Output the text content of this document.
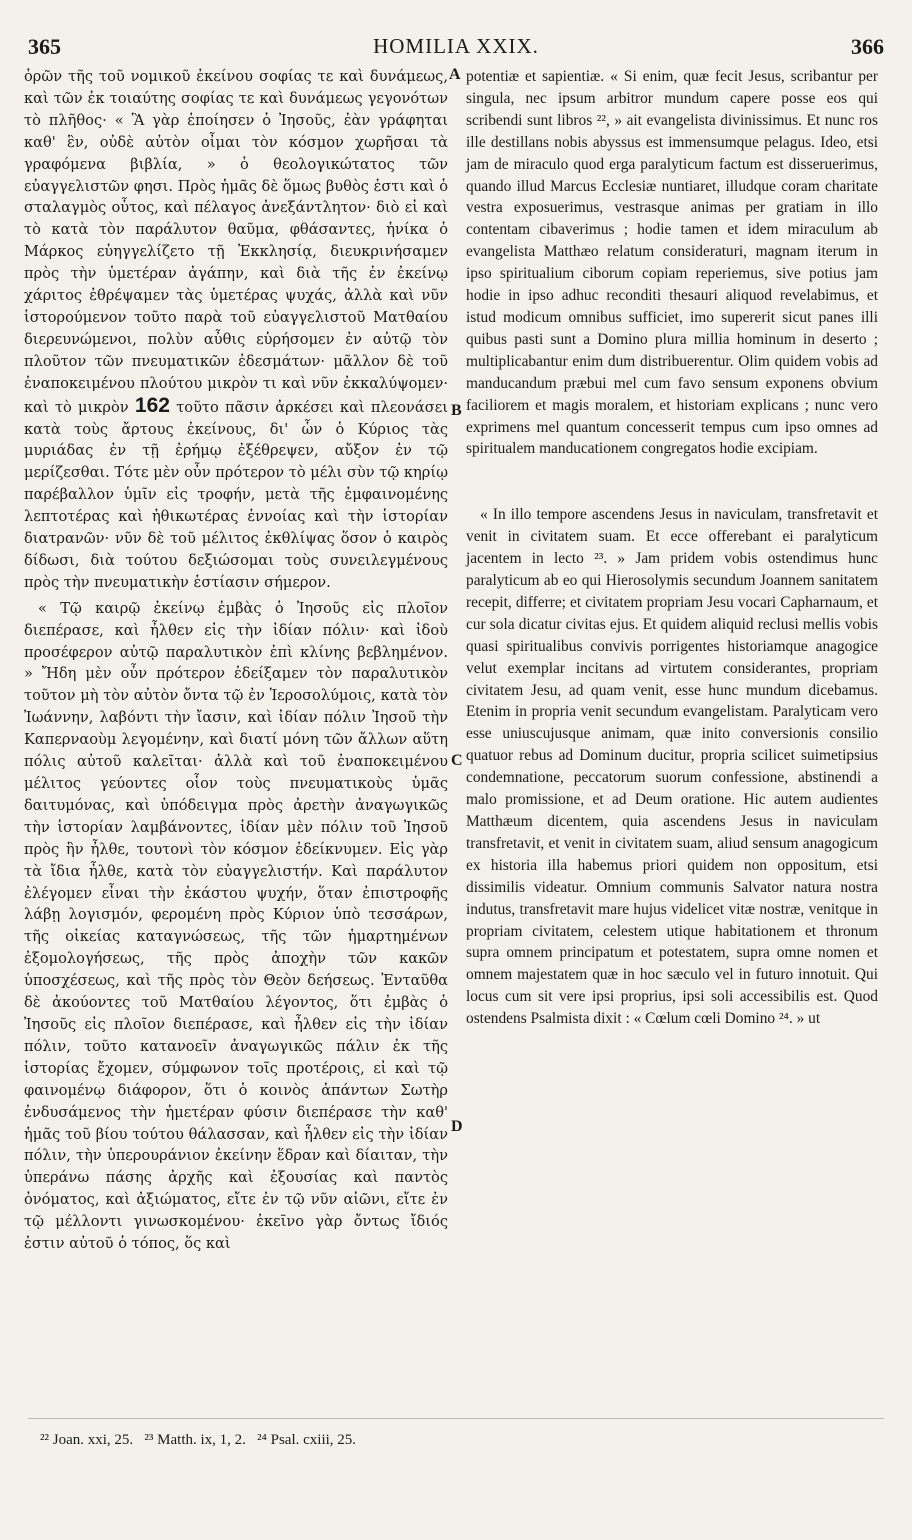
365	HOMILIA XXIX.	366

ὁρῶν τῆς τοῦ νομικοῦ ἐκείνου σοφίας τε καὶ δυνάμεως, καὶ τῶν ἐκ τοιαύτης σοφίας τε καὶ δυνάμεως γεγονότων τὸ πλῆθος· « Ἃ γὰρ ἐποίησεν ὁ Ἰησοῦς, ἐὰν γράφηται καθ' ἓν, οὐδὲ αὐτὸν οἶμαι τὸν κόσμον χωρῆσαι τὰ γραφόμενα βιβλία, » ὁ θεολογικώτατος τῶν εὐαγγελιστῶν φησι. Πρὸς ἡμᾶς δὲ ὅμως βυθὸς ἐστι καὶ ὁ σταλαγμὸς οὗτος, καὶ πέλαγος ἀνεξάντλητον· διὸ εἰ καὶ τὸ κατὰ τὸν παράλυτον θαῦμα, φθάσαντες, ἡνίκα ὁ Μάρκος εὐηγγελίζετο τῇ Ἐκκλησίᾳ, διευκρινήσαμεν πρὸς τὴν ὑμετέραν ἀγάπην, καὶ διὰ τῆς ἐν ἐκείνῳ χάριτος ἐθρέψαμεν τὰς ὑμετέρας ψυχάς, ἀλλὰ καὶ νῦν ἱστορούμενον τοῦτο παρὰ τοῦ εὐαγγελιστοῦ Ματθαίου διερευνώμενοι, πολὺν αὖθις εὑρήσομεν ἐν αὐτῷ τὸν πλοῦτον τῶν πνευματικῶν ἐδεσμάτων· μᾶλλον δὲ τοῦ ἐναποκειμένου πλούτου μικρὸν τι καὶ νῦν ἐκκαλύψομεν· καὶ τὸ μικρὸν 162 τοῦτο πᾶσιν ἀρκέσει καὶ πλεονάσει κατὰ τοὺς ἄρτους ἐκείνους, δι' ὧν ὁ Κύριος τὰς μυριάδας ἐν τῇ ἐρήμῳ ἐξέθρεψεν, αὔξον ἐν τῷ μερίζεσθαι. Τότε μὲν οὖν πρότερον τὸ μέλι σὺν τῷ κηρίῳ παρέβαλλον ὑμῖν εἰς τροφήν, μετὰ τῆς ἐμφαινομένης λεπτοτέρας καὶ ἠθικωτέρας ἐννοίας καὶ τὴν ἱστορίαν διατρανῶν· νῦν δὲ τοῦ μέλιτος ἐκθλίψας ὅσον ὁ καιρὸς δίδωσι, διὰ τούτου δεξιώσομαι τοὺς συνειλεγμένους πρὸς τὴν πνευματικὴν ἑστίασιν σήμερον.

« Τῷ καιρῷ ἐκείνῳ ἐμβὰς ὁ Ἰησοῦς εἰς πλοῖον διεπέρασε, καὶ ἦλθεν εἰς τὴν ἰδίαν πόλιν· καὶ ἰδοὺ προσέφερον αὐτῷ παραλυτικὸν ἐπὶ κλίνης βεβλημένον. » Ἤδη μὲν οὖν πρότερον ἐδείξαμεν τὸν παραλυτικὸν τοῦτον μὴ τὸν αὐτὸν ὄντα τῷ ἐν Ἱεροσολύμοις, κατὰ τὸν Ἰωάννην, λαβόντι τὴν ἴασιν, καὶ ἰδίαν πόλιν Ἰησοῦ τὴν Καπερναοὺμ λεγομένην, καὶ διατί μόνη τῶν ἄλλων αὕτη πόλις αὐτοῦ καλεῖται· ἀλλὰ καὶ τοῦ ἐναποκειμένου μέλιτος γεύοντες οἷον τοὺς πνευματικοὺς ὑμᾶς δαιτυμόνας, καὶ ὑπόδειγμα πρὸς ἀρετὴν ἀναγωγικῶς τὴν ἱστορίαν λαμβάνοντες, ἰδίαν μὲν πόλιν τοῦ Ἰησοῦ πρὸς ἣν ἦλθε, τουτονὶ τὸν κόσμον ἐδείκνυμεν. Εἰς γὰρ τὰ ἴδια ἦλθε, κατὰ τὸν εὐαγγελιστήν. Καὶ παράλυτον ἐλέγομεν εἶναι τὴν ἑκάστου ψυχήν, ὅταν ἐπιστροφῆς λάβῃ λογισμόν, φερομένη πρὸς Κύριον ὑπὸ τεσσάρων, τῆς οἰκείας καταγνώσεως, τῆς τῶν ἡμαρτημένων ἐξομολογήσεως, τῆς πρὸς ἀποχὴν τῶν κακῶν ὑποσχέσεως, καὶ τῆς πρὸς τὸν Θεὸν δεήσεως. Ἐνταῦθα δὲ ἀκούοντες τοῦ Ματθαίου λέγοντος, ὅτι ἐμβὰς ὁ Ἰησοῦς εἰς πλοῖον διεπέρασε, καὶ ἦλθεν εἰς τὴν ἰδίαν πόλιν, τοῦτο κατανοεῖν ἀναγωγικῶς πάλιν ἐκ τῆς ἱστορίας ἔχομεν, σύμφωνον τοῖς προτέροις, εἰ καὶ τῷ φαινομένῳ διάφορον, ὅτι ὁ κοινὸς ἁπάντων Σωτὴρ ἐνδυσάμενος τὴν ἡμετέραν φύσιν διεπέρασε τὴν καθ' ἡμᾶς τοῦ βίου τούτου θάλασσαν, καὶ ἦλθεν εἰς τὴν ἰδίαν πόλιν, τὴν ὑπερουράνιον ἐκείνην ἕδραν καὶ δίαιταν, τὴν ὑπεράνω πάσης ἀρχῆς καὶ ἐξουσίας καὶ παντὸς ὀνόματος, καὶ ἀξιώματος, εἴτε ἐν τῷ νῦν αἰῶνι, εἴτε ἐν τῷ μέλλοντι γινωσκομένου· ἐκεῖνο γὰρ ὄντως ἴδιός ἐστιν αὐτοῦ ὁ τόπος, ὅς καὶ

A
B
C
D

potentiæ et sapientiæ. « Si enim, quæ fecit Jesus, scribantur per singula, nec ipsum arbitror mundum capere posse eos qui scribendi sunt libros ²², » ait evangelista divinissimus. Et nunc ros ille destillans nobis abyssus est immensumque pelagus. Ideo, etsi jam de miraculo quod erga paralyticum factum est disseruerimus, quando illud Marcus Ecclesiæ nuntiaret, illudque coram charitate vestra exposuerimus, vestrasque animas per gratiam in illo contentam cibaverimus ; hodie tamen et idem miraculum ab evangelista Matthæo relatum consideraturi, magnam iterum in ipso spiritualium ciborum copiam reperiemus, sive potius jam hodie in ipso adhuc reconditi thesauri aliquod revelabimus, et istud modicum omnibus sufficiet, imo supererit sicut panes illi quibus pasti sunt a Domino plura millia hominum in deserto ; multiplicabantur enim dum distribuerentur. Olim quidem vobis ad manducandum præbui mel cum favo sensum exponens obvium faciliorem et magis moralem, et historiam explicans ; nunc vero exprimens mel quantum concesserit tempus cum ipso omnes ad spiritualem manducationem congregatos hodie excipiam.

« In illo tempore ascendens Jesus in naviculam, transfretavit et venit in civitatem suam. Et ecce offerebant ei paralyticum jacentem in lecto ²³. » Jam pridem vobis ostendimus hunc paralyticum ab eo qui Hierosolymis secundum Joannem sanitatem recepit, differre; et civitatem propriam Jesu vocari Capharnaum, et cur sola dicatur civitas ejus. Et quidem aliquid reclusi mellis vobis quasi spiritualibus convivis porrigentes historiamque anagogice velut exemplar incitans ad virtutem considerantes, propriam civitatem Jesu, ad quam venit, esse hunc mundum dicebamus. Etenim in propria venit secundum evangelistam. Paralyticam vero esse uniuscujusque animam, quæ inito conversionis consilio quatuor rebus ad Dominum ducitur, propria scilicet suimetipsius condemnatione, peccatorum suorum confessione, abstinendi a malo promissione, et ad Deum oratione. Hic autem audientes Matthæum dicentem, quia ascendens Jesus in naviculam transfretavit, et venit in civitatem suam, aliud sensum anagogicum ex historia illa habemus priori quidem non oppositum, etsi dissimilis videatur. Omnium communis Salvator natura nostra indutus, transfretavit mare hujus videlicet vitæ nostræ, venitque in propriam civitatem, celestem utique habitationem et thronum supra omnem principatum et potestatem, supra omne nomen et omnem majestatem quæ in hoc sæculo vel in futuro innotuit. Qui locus cum sit vere ipsi proprius, ipsi soli accessibilis est. Quod ostendens Psalmista dixit : « Cœlum cœli Domino ²⁴. » ut

²² Joan. xxi, 25.   ²³ Matth. ix, 1, 2.   ²⁴ Psal. cxiii, 25.
